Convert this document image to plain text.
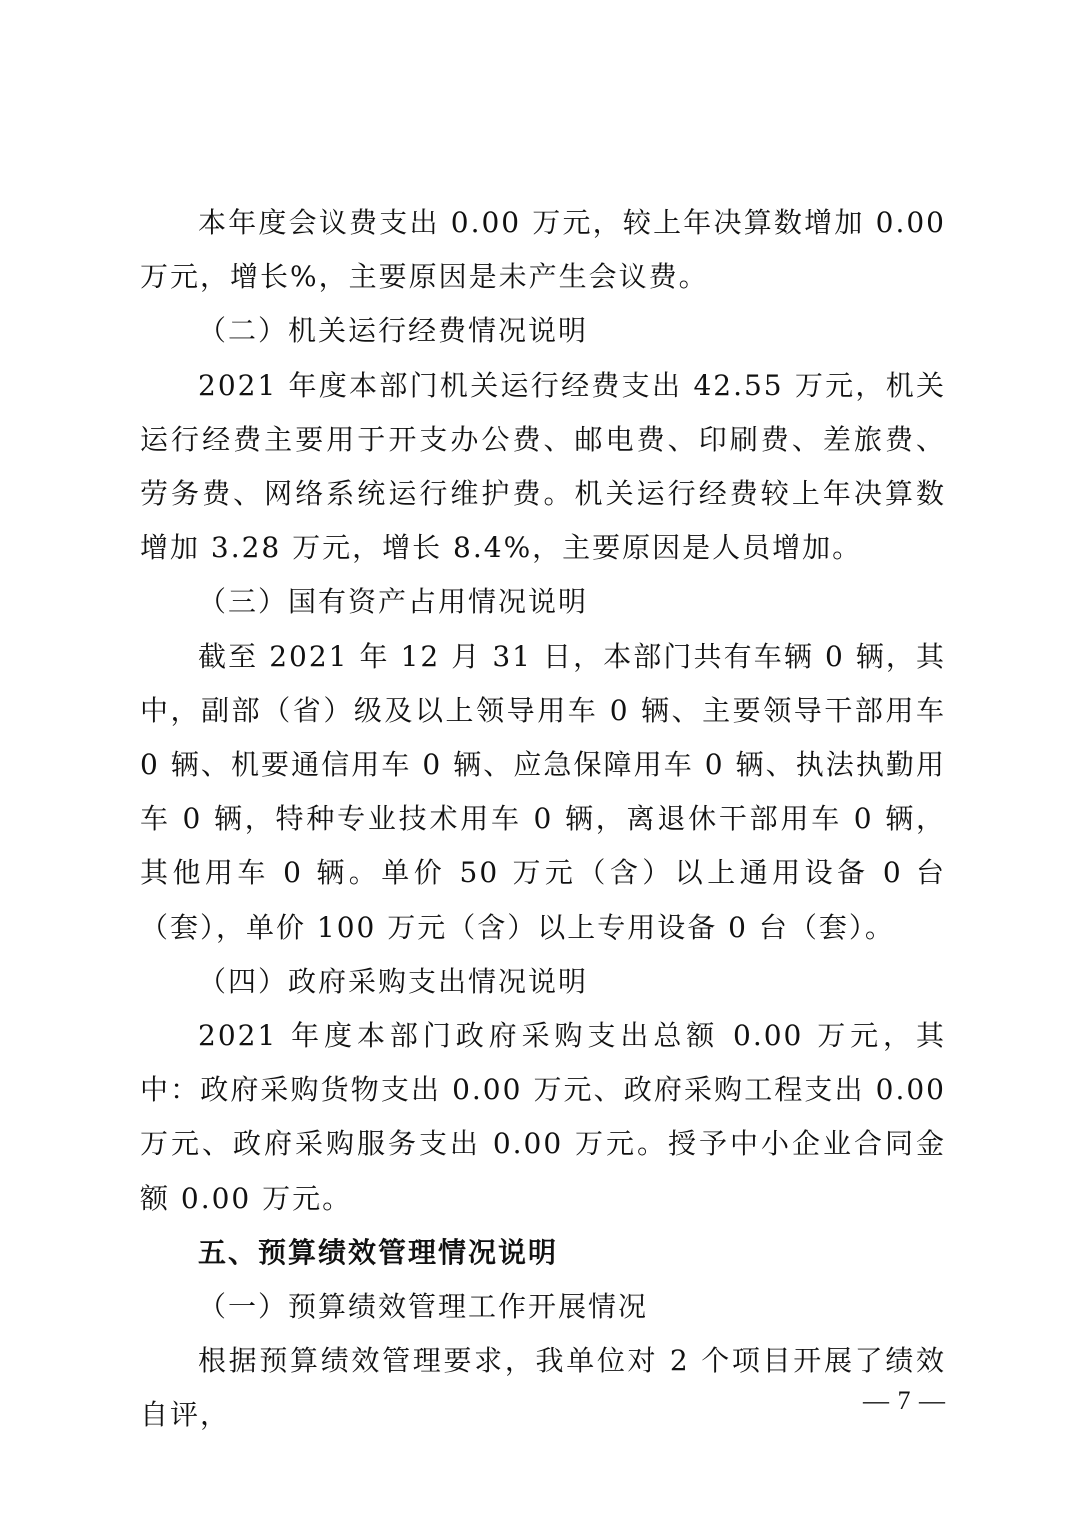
本年度会议费支出 0.00 万元，较上年决算数增加 0.00 万元，增长%，主要原因是未产生会议费。

（二）机关运行经费情况说明

2021 年度本部门机关运行经费支出 42.55 万元，机关运行经费主要用于开支办公费、邮电费、印刷费、差旅费、劳务费、网络系统运行维护费。机关运行经费较上年决算数增加 3.28 万元，增长 8.4%，主要原因是人员增加。

（三）国有资产占用情况说明

截至 2021 年 12 月 31 日，本部门共有车辆 0 辆，其中，副部（省）级及以上领导用车 0 辆、主要领导干部用车 0 辆、机要通信用车 0 辆、应急保障用车 0 辆、执法执勤用车 0 辆，特种专业技术用车 0 辆，离退休干部用车 0 辆，其他用车 0 辆。单价 50 万元（含）以上通用设备 0 台（套），单价 100 万元（含）以上专用设备 0 台（套）。

（四）政府采购支出情况说明

2021 年度本部门政府采购支出总额 0.00 万元，其中：政府采购货物支出 0.00 万元、政府采购工程支出 0.00 万元、政府采购服务支出 0.00 万元。授予中小企业合同金额 0.00 万元。

五、预算绩效管理情况说明

（一）预算绩效管理工作开展情况

根据预算绩效管理要求，我单位对 2 个项目开展了绩效自评，	— 7 —
